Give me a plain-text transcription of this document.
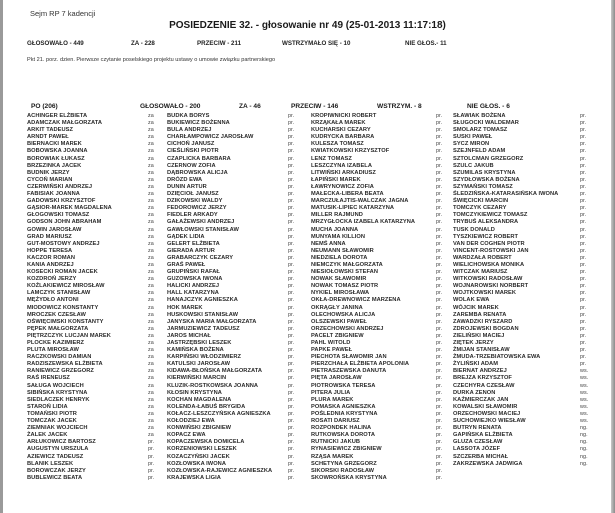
Sejm RP 7 kadencji
POSIEDZENIE 32. - głosowanie nr 49 (25-01-2013 11:17:18)
GŁOSOWAŁO - 449	ZA - 228	PRZECIW - 211	WSTRZYMAŁO SIĘ - 10	NIE GŁOS.- 11
Pkt 21. porz. dzien. Pierwsze czytanie poselskiego projektu ustawy o umowie związku partnerskiego
PO (206)	GŁOSOWAŁO - 200	ZA - 46	PRZECIW - 146	WSTRZYM. - 8	NIE GŁOS. - 6
ACHINGER ELŻBIETA	za
ADAMCZAK MAŁGORZATA	za
ARKIT TADEUSZ	za
ARNDT PAWEŁ	za
BIERNACKI MAREK	za
BOBOWSKA JOANNA	za
BOROWIAK ŁUKASZ	za
BRZEZINKA JACEK	za
BUDNIK JERZY	za
CYCOŃ MARIAN	za
CZERWIŃSKI ANDRZEJ	za
FABISIAK JOANNA	za
GADOWSKI KRZYSZTOF	za
GĄSIOR-MAREK MAGDALENA	za
GŁOGOWSKI TOMASZ	za
GODSON JOHN ABRAHAM	za
GOWIN JAROSŁAW	za
GRAD MARIUSZ	za
GUT-MOSTOWY ANDRZEJ	za
HOPPE TERESA	za
KACZOR ROMAN	za
KANIA ANDRZEJ	za
KOSECKI ROMAN JACEK	za
KOZDROŃ JERZY	za
KOŹLAKIEWICZ MIROSŁAW	za
LAMCZYK STANISŁAW	za
MĘŻYDŁO ANTONI	za
MIODOWICZ KONSTANTY	za
MROCZEK CZESŁAW	za
OŚWIĘCIMSKI KONSTANTY	za
PĘPEK MAŁGORZATA	za
PIĘTRZCZYK LUCJAN MAREK	za
PLOCKE KAZIMIERZ	za
PLUTA MIROSŁAW	za
RACZKOWSKI DAMIAN	za
RADZISZEWSKA ELŻBIETA	za
RANIEWICZ GRZEGORZ	za
RAŚ IRENEUSZ	za
SAŁUGA WOJCIECH	za
SIBIŃSKA KRYSTYNA	za
SIEDLACZEK HENRYK	za
STAROŃ LIDIA	za
TOMAŃSKI PIOTR	za
TOMCZAK JACEK	za
ZIEMNIAK WOJCIECH	za
ŻALEK JACEK	za
ARŁUKOWICZ BARTOSZ	pr.
AUGUSTYN URSZULA	pr.
AZIEWICZ TADEUSZ	pr.
BLANIK LESZEK	pr.
BOROWCZAK JERZY	pr.
BUBLEWICZ BEATA	pr.
BUDKA BORYS	pr.
BUKIEWICZ BOŻENNA	pr.
BULA ANDRZEJ	pr.
CHARŁAMPOWICZ JAROSŁAW	pr.
CICHOŃ JANUSZ	pr.
CIEŚLIŃSKI PIOTR	pr.
CZAPLICKA BARBARA	pr.
CZERNOW ZOFIA	pr.
DĄBROWSKA ALICJA	pr.
DRÓZD EWA	pr.
DUNIN ARTUR	pr.
DZIĘCIOŁ JANUSZ	pr.
DZIKOWSKI WALDY	pr.
FEDOROWICZ JERZY	pr.
FIEDLER ARKADY	pr.
GAŁAŻEWSKI ANDRZEJ	pr.
GAWŁOWSKI STANISŁAW	pr.
GĄDEK LIDIA	pr.
GELERT ELŻBIETA	pr.
GIERADA ARTUR	pr.
GRABARCZYK CEZARY	pr.
GRAŚ PAWEŁ	pr.
GRUPIŃSKI RAFAŁ	pr.
GUZOWSKA IWONA	pr.
HALICKI ANDRZEJ	pr.
HALL KATARZYNA	pr.
HANAJCZYK AGNIESZKA	pr.
HOK MAREK	pr.
HUSKOWSKI STANISŁAW	pr.
JANYSKA MARIA MAŁGORZATA	pr.
JARMUZIEWICZ TADEUSZ	pr.
JAROS MICHAŁ	pr.
JASTRZĘBSKI LESZEK	pr.
KAMIŃSKA BOŻENA	pr.
KARPIŃSKI WŁODZIMIERZ	pr.
KATULSKI JAROSŁAW	pr.
KIDAWA-BŁOŃSKA MAŁGORZATA	pr.
KIERWIŃSKI MARCIN	pr.
KLUZIK-ROSTKOWSKA JOANNA	pr.
KŁOSIN KRYSTYNA	pr.
KOCHAN MAGDALENA	pr.
KOLENDA-ŁABUŚ BRYGIDA	pr.
KOŁACZ-LESZCZYŃSKA AGNIESZKA	pr.
KOŁODZIEJ EWA	pr.
KONWIŃSKI ZBIGNIEW	pr.
KOPACZ EWA	pr.
KOPACZEWSKA DOMICELA	pr.
KORZENIOWSKI LESZEK	pr.
KOZACZYŃSKI JACEK	pr.
KOZŁOWSKA IWONA	pr.
KOZŁOWSKA-RAJEWICZ AGNIESZKA	pr.
KRAJEWSKA LIGIA	pr.
KROPIWNICKI ROBERT	pr.
KRZĄKAŁA MAREK	pr.
KUCHARSKI CEZARY	pr.
KUDRYCKA BARBARA	pr.
KULESZA TOMASZ	pr.
KWIATKOWSKI KRZYSZTOF	pr.
LENZ TOMASZ	pr.
LESZCZYNA IZABELA	pr.
LITWIŃSKI ARKADIUSZ	pr.
ŁAPIŃSKI MAREK	pr.
ŁAWRYNOWICZ ZOFIA	pr.
MAŁECKA-LIBERA BEATA	pr.
MARCZUŁAJTIS-WALCZAK JAGNA	pr.
MATUSIK-LIPIEC KATARZYNA	pr.
MILLER RAJMUND	pr.
MRZYGŁOCKA IZABELA KATARZYNA	pr.
MUCHA JOANNA	pr.
MUNYAMA KILLION	pr.
NEMŚ ANNA	pr.
NEUMANN SŁAWOMIR	pr.
NIEDZIELA DOROTA	pr.
NIEMCZYK MAŁGORZATA	pr.
NIESIOŁOWSKI STEFAN	pr.
NOWAK SŁAWOMIR	pr.
NOWAK TOMASZ PIOTR	pr.
NYKIEL MIROSŁAWA	pr.
OKŁA-DREWNOWICZ MARZENA	pr.
OKRĄGŁY JANINA	pr.
OLECHOWSKA ALICJA	pr.
OLSZEWSKI PAWEŁ	pr.
ORZECHOWSKI ANDRZEJ	pr.
PACELT ZBIGNIEW	pr.
PAHL WITOLD	pr.
PAPKE PAWEŁ	pr.
PIECHOTA SŁAWOMIR JAN	pr.
PIERZCHAŁA ELŻBIETA APOLONIA	pr.
PIETRASZEWSKA DANUTA	pr.
PIĘTA JAROSŁAW	pr.
PIOTROWSKA TERESA	pr.
PITERA JULIA	pr.
PLURA MAREK	pr.
POMASKA AGNIESZKA	pr.
POŚLEDNIA KRYSTYNA	pr.
ROSATI DARIUSZ	pr.
ROZPONDEK HALINA	pr.
RUTKOWSKA DOROTA	pr.
RUTNICKI JAKUB	pr.
RYNASIEWICZ ZBIGNIEW	pr.
RZĄSA MAREK	pr.
SCHETYNA GRZEGORZ	pr.
SIKORSKI RADOSŁAW	pr.
SKOWROŃSKA KRYSTYNA	pr.
SŁAWIAK BOŻENA	pr.
SŁUGOCKI WALDEMAR	pr.
SMOLARZ TOMASZ	pr.
SUSKI PAWEŁ	pr.
SYCZ MIRON	pr.
SZEJNFELD ADAM	pr.
SZTOLCMAN GRZEGORZ	pr.
SZULC JAKUB	pr.
SZUMILAS KRYSTYNA	pr.
SZYDŁOWSKA BOŻENA	pr.
SZYMAŃSKI TOMASZ	pr.
ŚLEDZIŃSKA-KATARASIŃSKA IWONA	pr.
ŚWIĘCICKI MARCIN	pr.
TOMCZYK CEZARY	pr.
TOMCZYKIEWICZ TOMASZ	pr.
TRYBUŚ ALEKSANDRA	pr.
TUSK DONALD	pr.
TYSZKIEWICZ ROBERT	pr.
VAN DER COGHEN PIOTR	pr.
VINCENT-ROSTOWSKI JAN	pr.
WARDZAŁA ROBERT	pr.
WIELICHOWSKA MONIKA	pr.
WITCZAK MARIUSZ	pr.
WITKOWSKI RADOSŁAW	pr.
WOJNAROWSKI NORBERT	pr.
WOJTKOWSKI MAREK	pr.
WOLAK EWA	pr.
WÓJCIK MAREK	pr.
ZAREMBA RENATA	pr.
ZAWADZKI RYSZARD	pr.
ZDROJEWSKI BOGDAN	pr.
ZIELIŃSKI MACIEJ	pr.
ZIĘTEK JERZY	pr.
ŻMIJAN STANISŁAW	pr.
ŻMUDA-TRZEBIATOWSKA EWA	pr.
ŻYLIŃSKI ADAM	pr.
BIERNAT ANDRZEJ	ws.
BREJZA KRZYSZTOF	ws.
CZECHYRA CZESŁAW	ws.
DURKA ZENON	ws.
KAŹMIERCZAK JAN	ws.
KOWALSKI SŁAWOMIR	ws.
ORZECHOWSKI MACIEJ	ws.
SUCHOWIEJKO WIESŁAW	ws.
BUTRYN RENATA	ng.
GAPIŃSKA ELŻBIETA	ng.
GLUZA CZESŁAW	ng.
LASSOTA JÓZEF	ng.
SZCZERBA MICHAŁ	ng.
ZAKRZEWSKA JADWIGA	ng.
